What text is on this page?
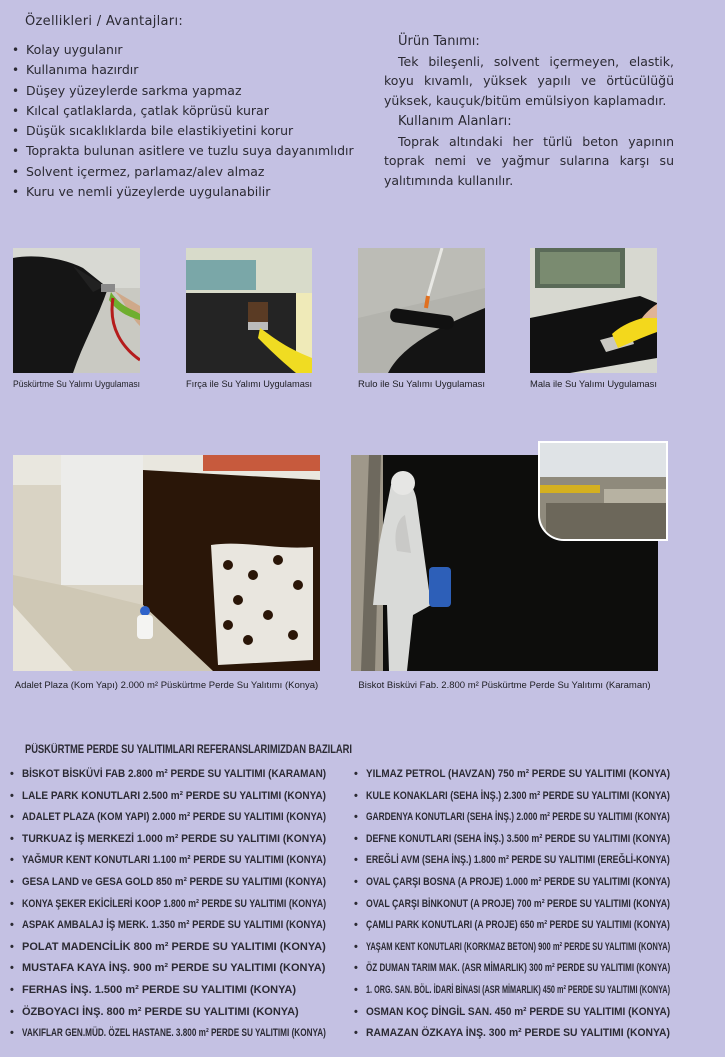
Özellikleri / Avantajları:
• Kolay uygulanır
• Kullanıma hazırdır
• Düşey yüzeylerde sarkma yapmaz
• Kılcal çatlaklarda, çatlak köprüsü kurar
• Düşük sıcaklıklarda bile elastikiyetini korur
• Toprakta bulunan asitlere ve tuzlu suya dayanımlıdır
• Solvent içermez, parlamaz/alev almaz
• Kuru ve nemli yüzeylerde uygulanabilir
Ürün Tanımı:

Tek bileşenli, solvent içermeyen, elastik, koyu kıvamlı, yüksek yapılı ve örtücülüğü yüksek, kauçuk/bitüm emülsiyon kaplamadır.

Kullanım Alanları:

Toprak altındaki her türlü beton yapının toprak nemi ve yağmur sularına karşı su yalıtımında kullanılır.

Püskürtme Su Yalımı Uygulaması	Fırça ile Su Yalımı Uygulaması	Rulo ile Su Yalımı Uygulaması	Mala ile Su Yalımı Uygulaması
Adalet Plaza (Kom Yapı) 2.000 m² Püskürtme Perde Su Yalıtımı (Konya)	Biskot Bisküvi Fab. 2.800 m² Püskürtme Perde Su Yalıtımı (Karaman)
PÜSKÜRTME PERDE SU YALITIMLARI REFERANSLARIMIZDAN BAZILARI
• BİSKOT BİSKÜVİ FAB 2.800 m² PERDE SU YALITIMI (KARAMAN)
• LALE PARK KONUTLARI 2.500 m² PERDE SU YALITIMI (KONYA)
• ADALET PLAZA (KOM YAPI) 2.000 m² PERDE SU YALITIMI (KONYA)
• TURKUAZ İŞ MERKEZİ 1.000 m² PERDE SU YALITIMI (KONYA)
• YAĞMUR KENT KONUTLARI 1.100 m² PERDE SU YALITIMI (KONYA)
• GESA LAND ve GESA GOLD 850 m² PERDE SU YALITIMI (KONYA)
• KONYA ŞEKER EKİCİLERİ KOOP 1.800 m² PERDE SU YALITIMI (KONYA)
• ASPAK AMBALAJ İŞ MERK. 1.350 m² PERDE SU YALITIMI (KONYA)
• POLAT MADENCİLİK 800 m² PERDE SU YALITIMI (KONYA)
• MUSTAFA KAYA İNŞ. 900 m² PERDE SU YALITIMI (KONYA)
• FERHAS İNŞ. 1.500 m² PERDE SU YALITIMI (KONYA)
• ÖZBOYACI İNŞ. 800 m² PERDE SU YALITIMI (KONYA)
• VAKIFLAR GEN.MÜD. ÖZEL HASTANE. 3.800 m² PERDE SU YALITIMI (KONYA)
• YILMAZ PETROL (HAVZAN) 750 m² PERDE SU YALITIMI (KONYA)
• KULE KONAKLARI (SEHA İNŞ.) 2.300 m² PERDE SU YALITIMI (KONYA)
• GARDENYA KONUTLARI (SEHA İNŞ.) 2.000 m² PERDE SU YALITIMI (KONYA)
• DEFNE KONUTLARI (SEHA İNŞ.) 3.500 m² PERDE SU YALITIMI (KONYA)
• EREĞLİ AVM (SEHA İNŞ.) 1.800 m² PERDE SU YALITIMI (EREĞLİ-KONYA)
• OVAL ÇARŞI BOSNA (A PROJE) 1.000 m² PERDE SU YALITIMI (KONYA)
• OVAL ÇARŞI BİNKONUT (A PROJE) 700 m² PERDE SU YALITIMI (KONYA)
• ÇAMLI PARK KONUTLARI (A PROJE) 650 m² PERDE SU YALITIMI (KONYA)
• YAŞAM KENT KONUTLARI (KORKMAZ BETON) 900 m² PERDE SU YALITIMI (KONYA)
• ÖZ DUMAN TARIM MAK. (ASR MİMARLIK) 300 m² PERDE SU YALITIMI (KONYA)
• 1. ORG. SAN. BÖL. İDARİ BİNASI (ASR MİMARLIK) 450 m² PERDE SU YALITIMI (KONYA)
• OSMAN KOÇ DİNGİL SAN. 450 m² PERDE SU YALITIMI (KONYA)
• RAMAZAN ÖZKAYA İNŞ. 300 m² PERDE SU YALITIMI (KONYA)
